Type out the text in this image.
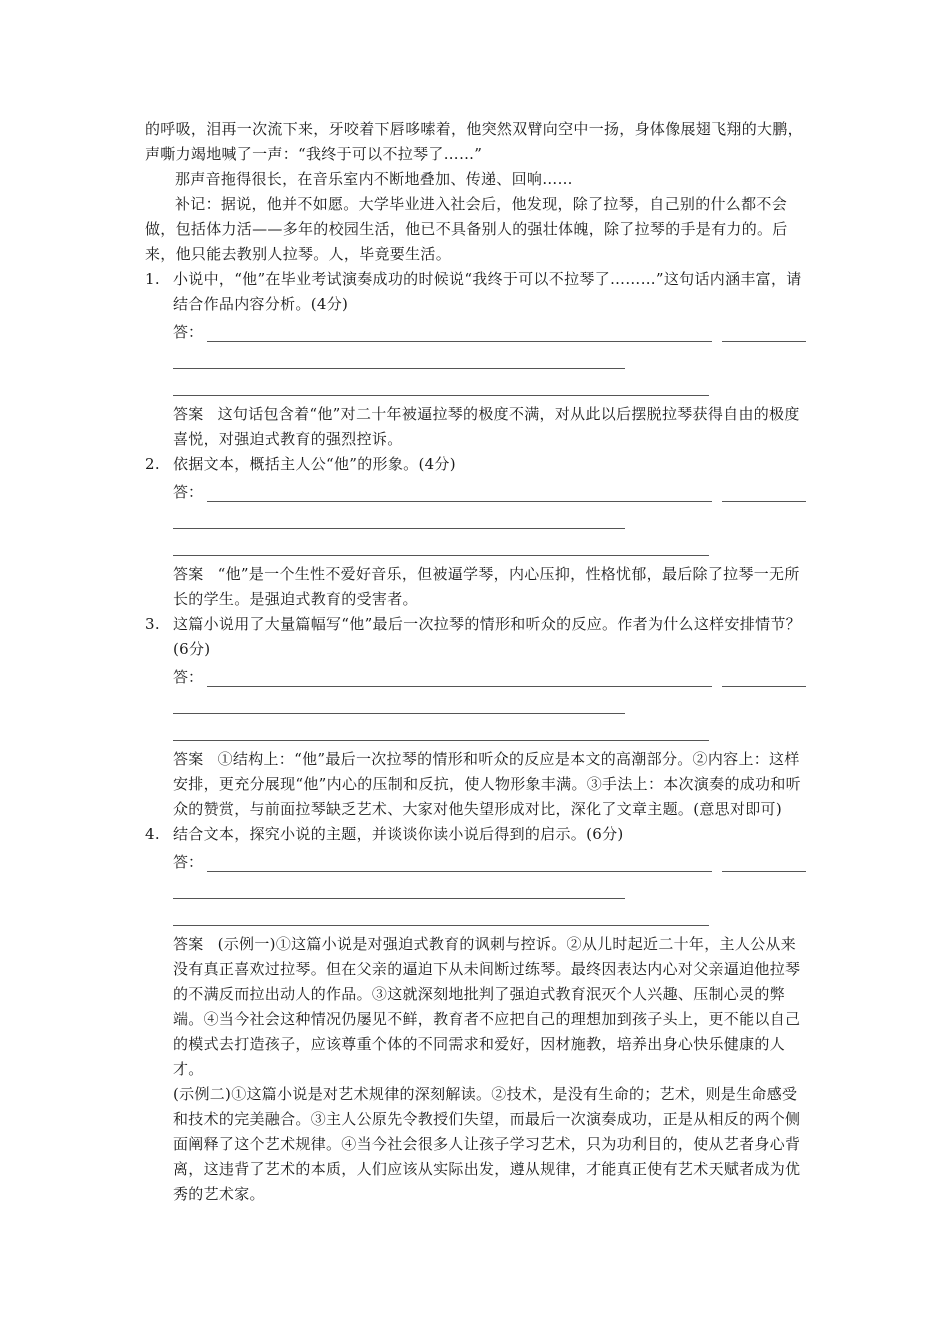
的呼吸，泪再一次流下来，牙咬着下唇哆嗦着，他突然双臂向空中一扬，身体像展翅飞翔的大鹏，声嘶力竭地喊了一声：“我终于可以不拉琴了……”

那声音拖得很长，在音乐室内不断地叠加、传递、回响……

补记：据说，他并不如愿。大学毕业进入社会后，他发现，除了拉琴，自己别的什么都不会做，包括体力活——多年的校园生活，他已不具备别人的强壮体魄，除了拉琴的手是有力的。后来，他只能去教别人拉琴。人，毕竟要生活。

1. 小说中，“他”在毕业考试演奏成功的时候说“我终于可以不拉琴了………”这句话内涵丰富，请结合作品内容分析。(4分)

答：

答案 这句话包含着“他”对二十年被逼拉琴的极度不满，对从此以后摆脱拉琴获得自由的极度喜悦，对强迫式教育的强烈控诉。

2. 依据文本，概括主人公“他”的形象。(4分)

答：

答案 “他”是一个生性不爱好音乐，但被逼学琴，内心压抑，性格忧郁，最后除了拉琴一无所长的学生。是强迫式教育的受害者。

3. 这篇小说用了大量篇幅写“他”最后一次拉琴的情形和听众的反应。作者为什么这样安排情节？(6分)

答：

答案 ①结构上：“他”最后一次拉琴的情形和听众的反应是本文的高潮部分。②内容上：这样安排，更充分展现“他”内心的压制和反抗，使人物形象丰满。③手法上：本次演奏的成功和听众的赞赏，与前面拉琴缺乏艺术、大家对他失望形成对比，深化了文章主题。(意思对即可)

4. 结合文本，探究小说的主题，并谈谈你读小说后得到的启示。(6分)

答：

答案 (示例一)①这篇小说是对强迫式教育的讽刺与控诉。②从儿时起近二十年，主人公从来没有真正喜欢过拉琴。但在父亲的逼迫下从未间断过练琴。最终因表达内心对父亲逼迫他拉琴的不满反而拉出动人的作品。③这就深刻地批判了强迫式教育泯灭个人兴趣、压制心灵的弊端。④当今社会这种情况仍屡见不鲜，教育者不应把自己的理想加到孩子头上，更不能以自己的模式去打造孩子，应该尊重个体的不同需求和爱好，因材施教，培养出身心快乐健康的人才。

(示例二)①这篇小说是对艺术规律的深刻解读。②技术，是没有生命的；艺术，则是生命感受和技术的完美融合。③主人公原先令教授们失望，而最后一次演奏成功，正是从相反的两个侧面阐释了这个艺术规律。④当今社会很多人让孩子学习艺术，只为功利目的，使从艺者身心背离，这违背了艺术的本质，人们应该从实际出发，遵从规律，才能真正使有艺术天赋者成为优秀的艺术家。
